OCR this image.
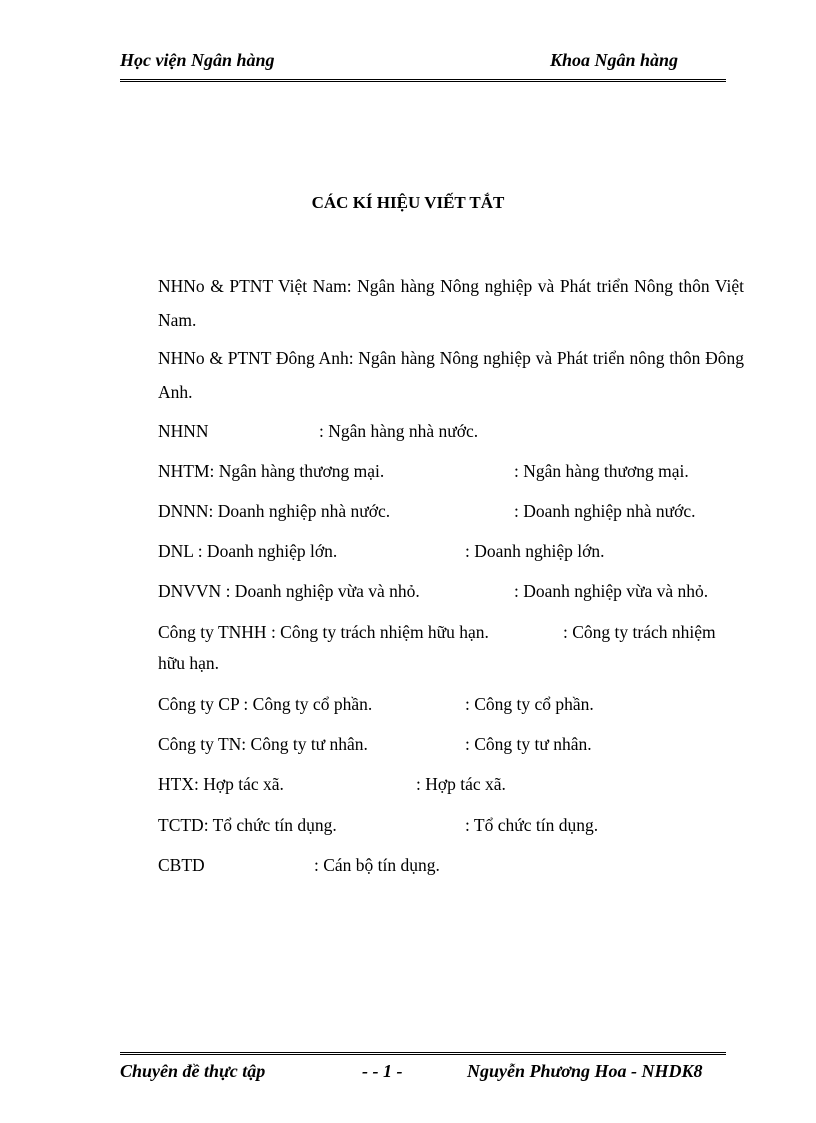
Học viện Ngân hàng	Khoa Ngân hàng
CÁC KÍ HIỆU VIẾT TẮT
NHNo & PTNT Việt Nam: Ngân hàng Nông nghiệp và Phát triển Nông thôn Việt Nam.
NHNo & PTNT Đông Anh: Ngân hàng Nông nghiệp và Phát triển nông thôn Đông Anh.
NHNN	: Ngân hàng nhà nước.
NHTM: Ngân hàng thương mại.	: Ngân hàng thương mại.
DNNN: Doanh nghiệp nhà nước.	: Doanh nghiệp nhà nước.
DNL : Doanh nghiệp lớn.	: Doanh nghiệp lớn.
DNVVN : Doanh nghiệp vừa và nhỏ.	: Doanh nghiệp vừa và nhỏ.
Công ty TNHH : Công ty trách nhiệm hữu hạn.	: Công ty trách nhiệm
hữu hạn.
Công ty CP : Công ty cổ phần.	: Công ty cổ phần.
Công ty TN: Công ty tư nhân.	: Công ty tư nhân.
HTX: Hợp tác xã.	: Hợp tác xã.
TCTD: Tổ chức tín dụng.	: Tổ chức tín dụng.
CBTD	: Cán bộ tín dụng.
Chuyên đề thực tập	- - 1 -	Nguyễn Phương Hoa - NHDK8
